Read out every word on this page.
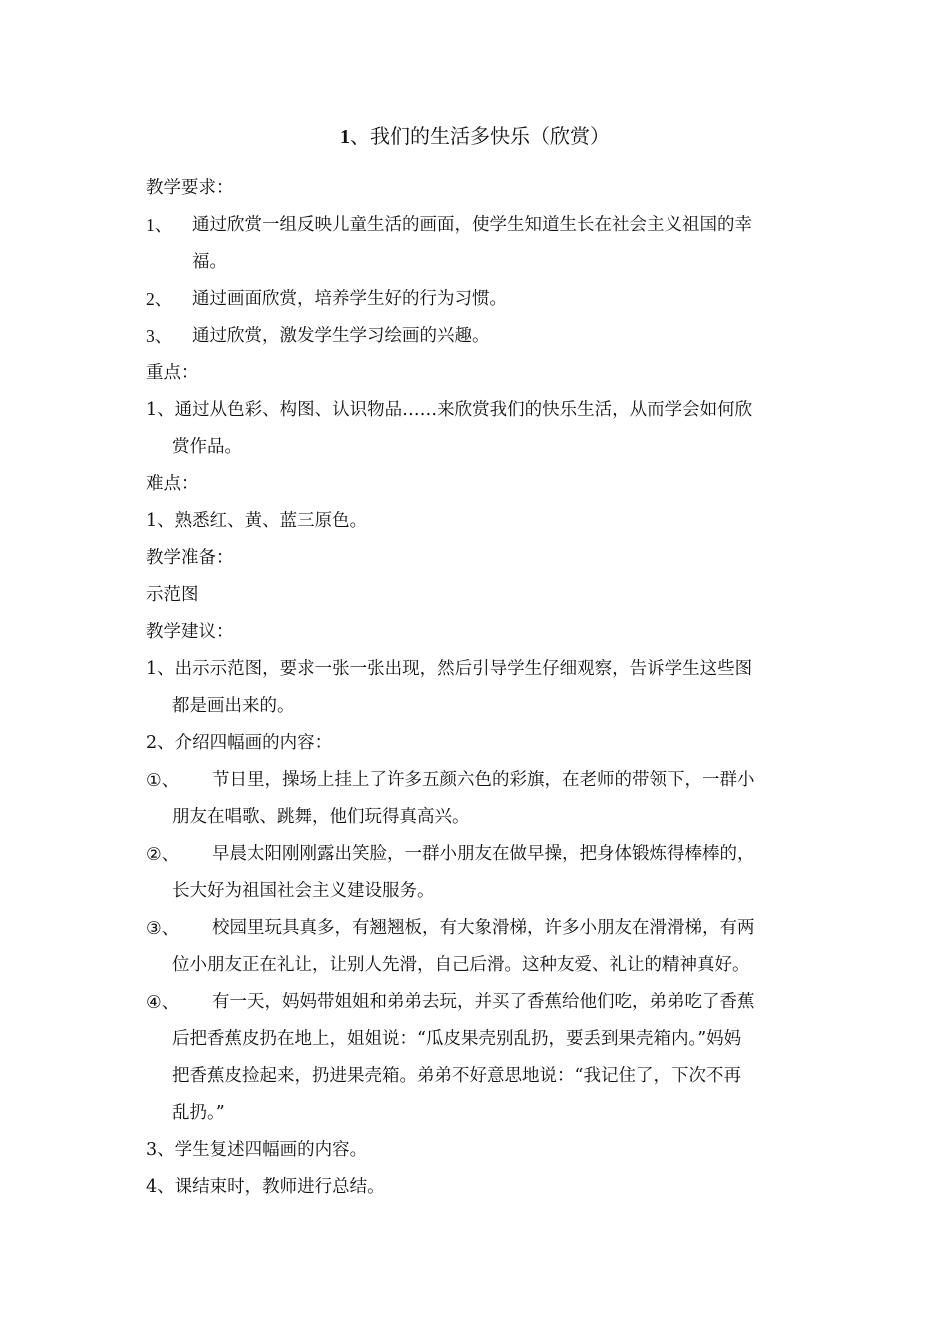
1、我们的生活多快乐（欣赏）

教学要求：

1、	通过欣赏一组反映儿童生活的画面，使学生知道生长在社会主义祖国的幸
福。
2、	通过画面欣赏，培养学生好的行为习惯。
3、	通过欣赏，激发学生学习绘画的兴趣。

重点：

1、通过从色彩、构图、认识物品……来欣赏我们的快乐生活，从而学会如何欣

赏作品。

难点：

1、熟悉红、黄、蓝三原色。

教学准备：

示范图

教学建议：

1、出示示范图，要求一张一张出现，然后引导学生仔细观察，告诉学生这些图

都是画出来的。

2、介绍四幅画的内容：

①、	节日里，操场上挂上了许多五颜六色的彩旗，在老师的带领下，一群小
朋友在唱歌、跳舞，他们玩得真高兴。
②、	早晨太阳刚刚露出笑脸，一群小朋友在做早操，把身体锻炼得棒棒的，
长大好为祖国社会主义建设服务。
③、	校园里玩具真多，有翘翘板，有大象滑梯，许多小朋友在滑滑梯，有两
位小朋友正在礼让，让别人先滑，自己后滑。这种友爱、礼让的精神真好。
④、	有一天，妈妈带姐姐和弟弟去玩，并买了香蕉给他们吃，弟弟吃了香蕉
后把香蕉皮扔在地上，姐姐说：“瓜皮果壳别乱扔，要丢到果壳箱内。”妈妈
把香蕉皮捡起来，扔进果壳箱。弟弟不好意思地说：“我记住了，下次不再
乱扔。”

3、学生复述四幅画的内容。

4、课结束时，教师进行总结。
